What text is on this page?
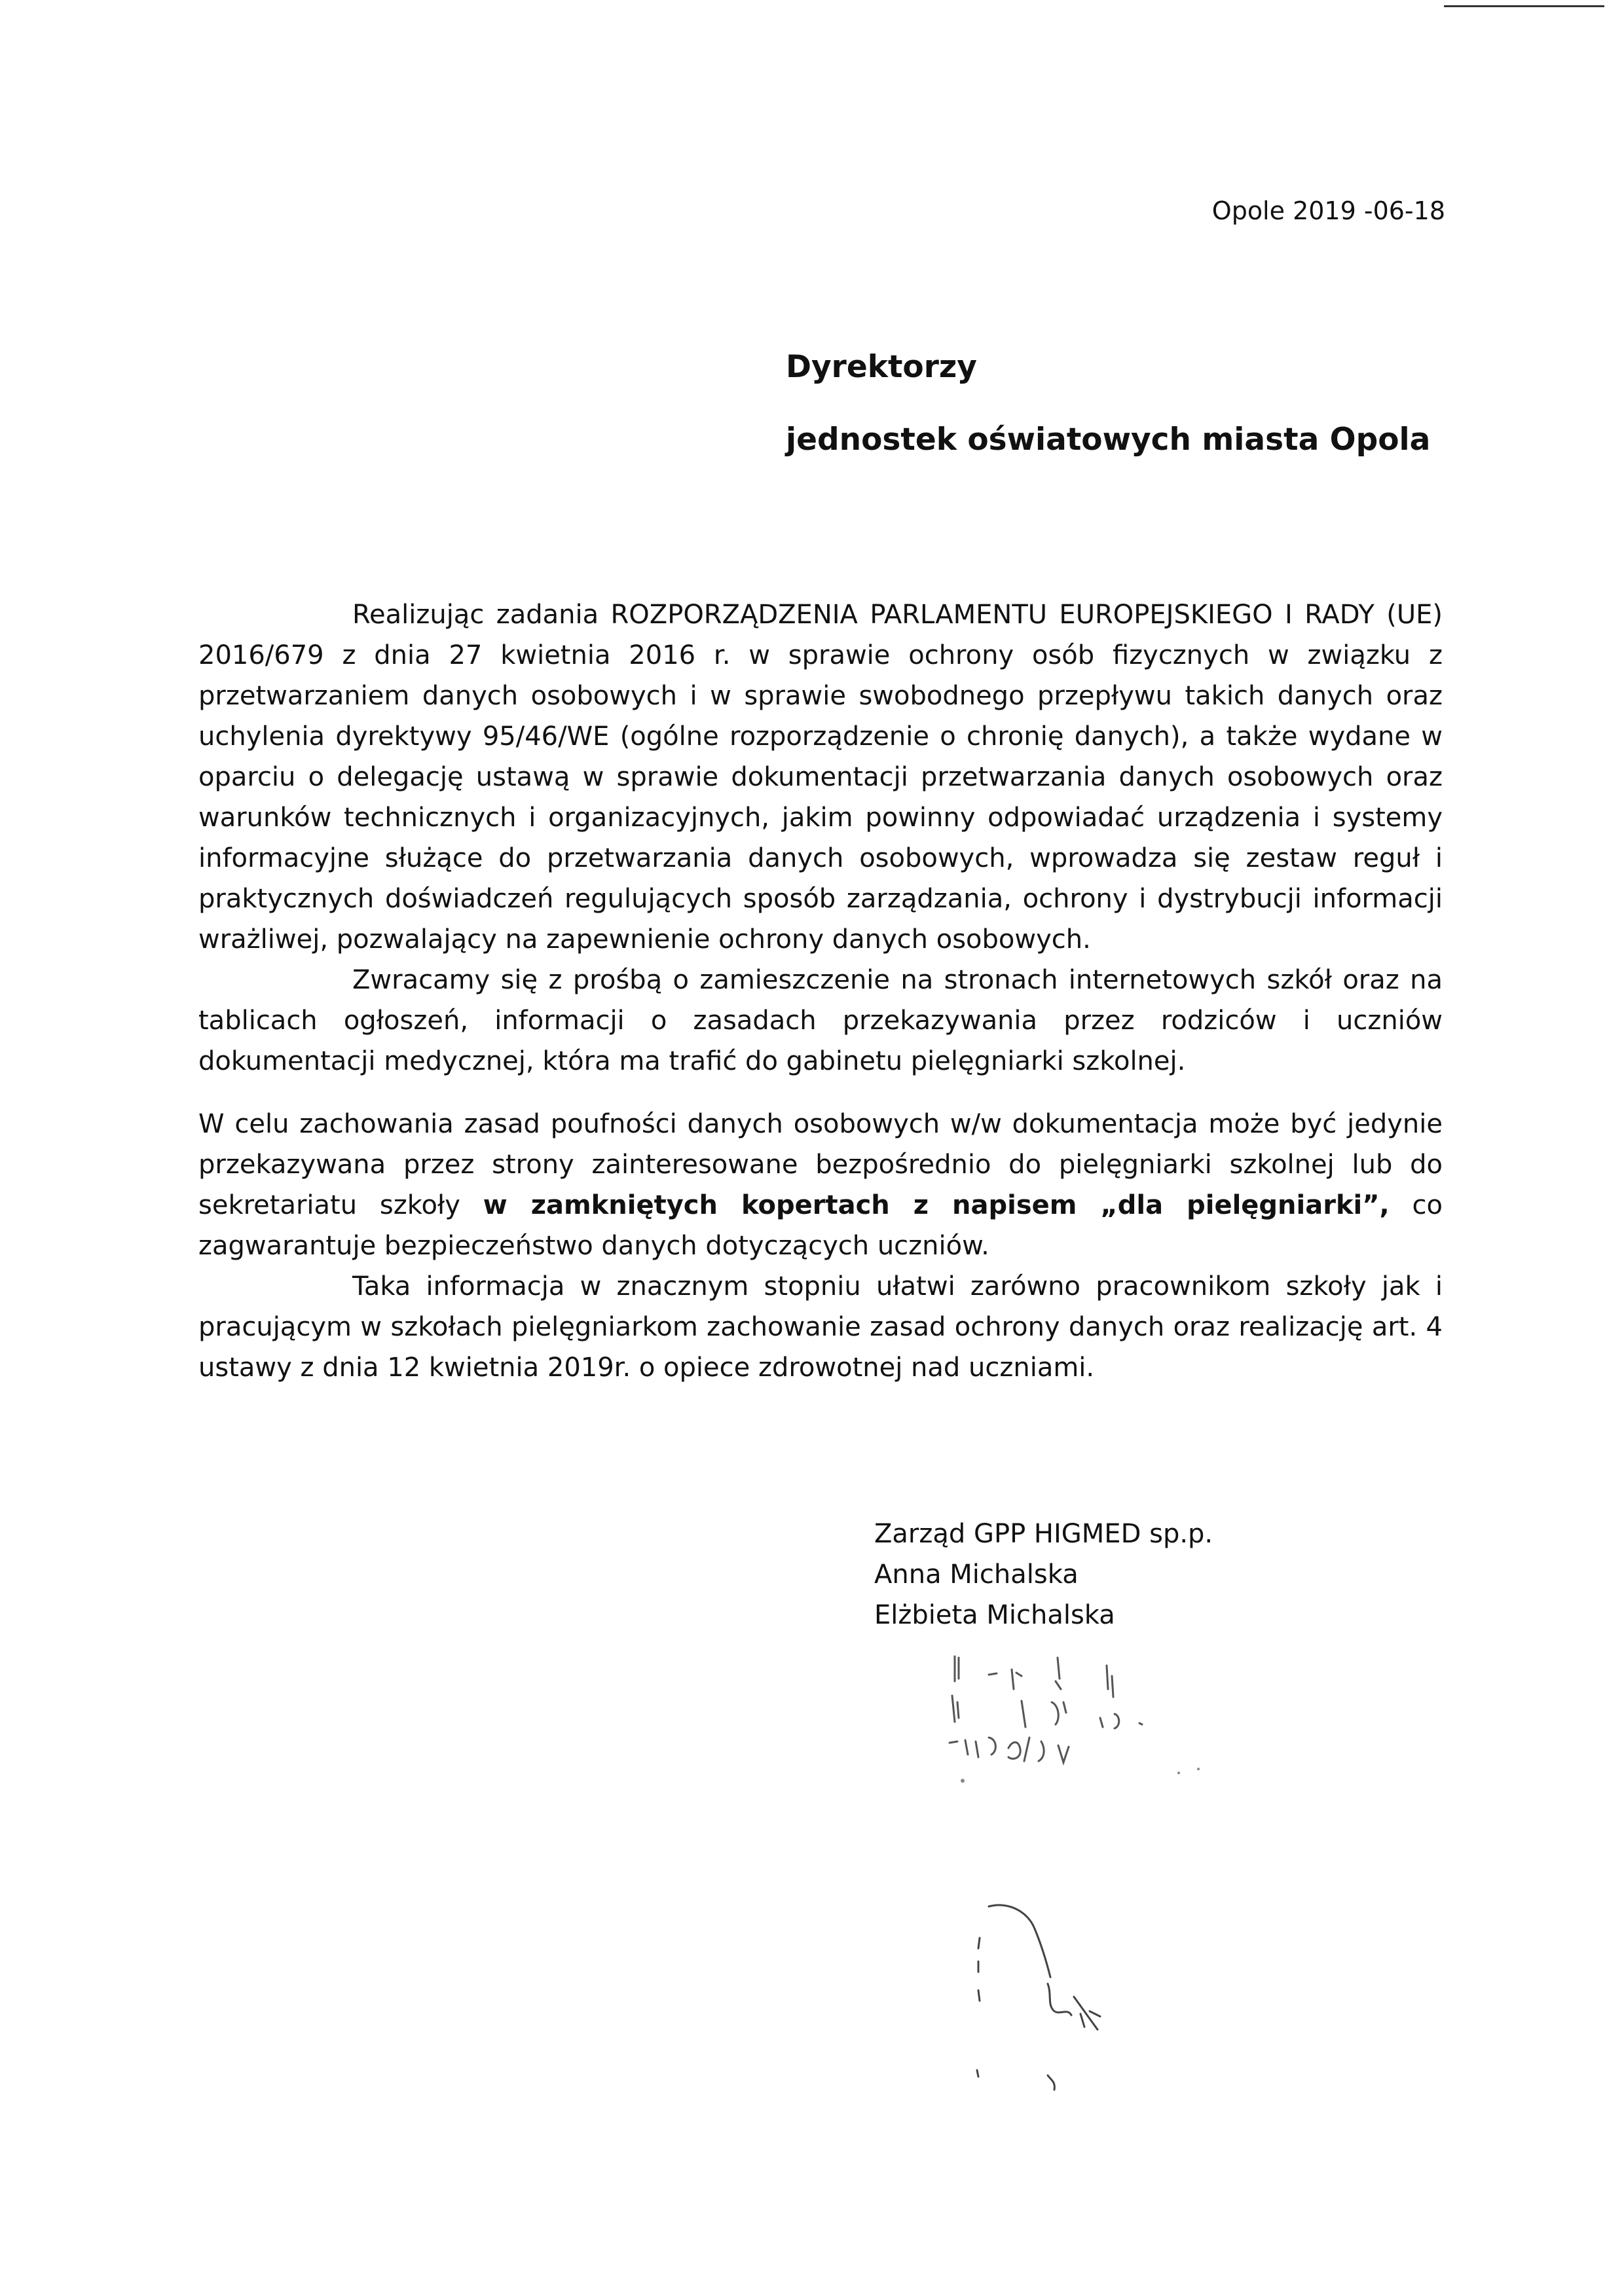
Opole 2019 -06-18
Dyrektorzy
jednostek oświatowych miasta Opola

Realizując zadania ROZPORZĄDZENIA PARLAMENTU EUROPEJSKIEGO I RADY (UE) 2016/679 z dnia 27 kwietnia 2016 r. w sprawie ochrony osób fizycznych w związku z przetwarzaniem danych osobowych i w sprawie swobodnego przepływu takich danych oraz uchylenia dyrektywy 95/46/WE (ogólne rozporządzenie o chronię danych), a także wydane w oparciu o delegację ustawą w sprawie dokumentacji przetwarzania danych osobowych oraz warunków technicznych i organizacyjnych, jakim powinny odpowiadać urządzenia i systemy informacyjne służące do przetwarzania danych osobowych, wprowadza się zestaw reguł i praktycznych doświadczeń regulujących sposób zarządzania, ochrony i dystrybucji informacji wrażliwej, pozwalający na zapewnienie ochrony danych osobowych.

Zwracamy się z prośbą o zamieszczenie na stronach internetowych szkół oraz na tablicach ogłoszeń, informacji o zasadach przekazywania przez rodziców i uczniów dokumentacji medycznej, która ma trafić do gabinetu pielęgniarki szkolnej.

W celu zachowania zasad poufności danych osobowych w/w dokumentacja może być jedynie przekazywana przez strony zainteresowane bezpośrednio do pielęgniarki szkolnej lub do sekretariatu szkoły w zamkniętych kopertach z napisem „dla pielęgniarki”, co zagwarantuje bezpieczeństwo danych dotyczących uczniów.

Taka informacja w znacznym stopniu ułatwi zarówno pracownikom szkoły jak i pracującym w szkołach pielęgniarkom zachowanie zasad ochrony danych oraz realizację art. 4 ustawy z dnia 12 kwietnia 2019r. o opiece zdrowotnej nad uczniami.

Zarząd GPP HIGMED sp.p.
Anna Michalska
Elżbieta Michalska
